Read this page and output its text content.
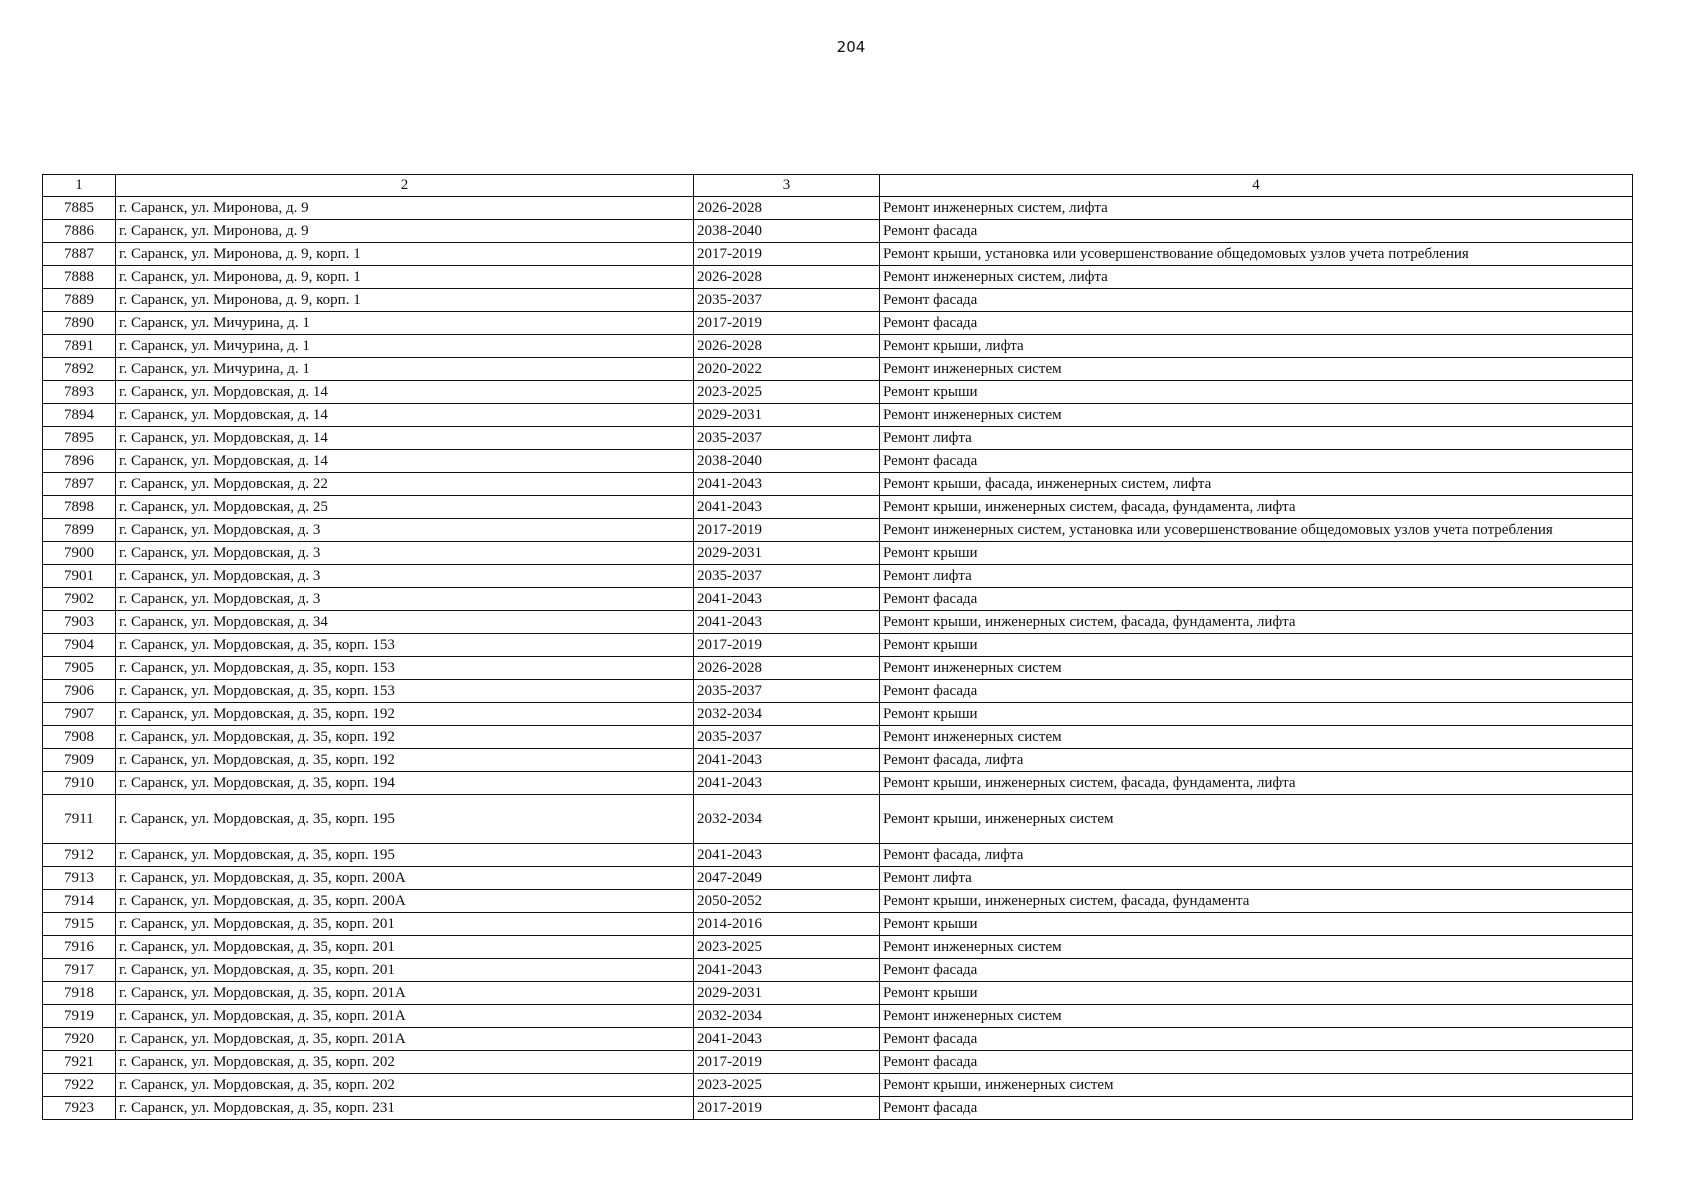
204
1	2	3	4
7885	г. Саранск, ул. Миронова, д. 9	2026-2028	Ремонт инженерных систем, лифта
7886	г. Саранск, ул. Миронова, д. 9	2038-2040	Ремонт фасада
7887	г. Саранск, ул. Миронова, д. 9, корп. 1	2017-2019	Ремонт крыши, установка или усовершенствование общедомовых узлов учета потребления
7888	г. Саранск, ул. Миронова, д. 9, корп. 1	2026-2028	Ремонт инженерных систем, лифта
7889	г. Саранск, ул. Миронова, д. 9, корп. 1	2035-2037	Ремонт фасада
7890	г. Саранск, ул. Мичурина, д. 1	2017-2019	Ремонт фасада
7891	г. Саранск, ул. Мичурина, д. 1	2026-2028	Ремонт крыши, лифта
7892	г. Саранск, ул. Мичурина, д. 1	2020-2022	Ремонт инженерных систем
7893	г. Саранск, ул. Мордовская, д. 14	2023-2025	Ремонт крыши
7894	г. Саранск, ул. Мордовская, д. 14	2029-2031	Ремонт инженерных систем
7895	г. Саранск, ул. Мордовская, д. 14	2035-2037	Ремонт лифта
7896	г. Саранск, ул. Мордовская, д. 14	2038-2040	Ремонт фасада
7897	г. Саранск, ул. Мордовская, д. 22	2041-2043	Ремонт крыши, фасада, инженерных систем, лифта
7898	г. Саранск, ул. Мордовская, д. 25	2041-2043	Ремонт крыши, инженерных систем, фасада, фундамента, лифта
7899	г. Саранск, ул. Мордовская, д. 3	2017-2019	Ремонт инженерных систем, установка или усовершенствование общедомовых узлов учета потребления
7900	г. Саранск, ул. Мордовская, д. 3	2029-2031	Ремонт крыши
7901	г. Саранск, ул. Мордовская, д. 3	2035-2037	Ремонт лифта
7902	г. Саранск, ул. Мордовская, д. 3	2041-2043	Ремонт фасада
7903	г. Саранск, ул. Мордовская, д. 34	2041-2043	Ремонт крыши, инженерных систем, фасада, фундамента, лифта
7904	г. Саранск, ул. Мордовская, д. 35, корп. 153	2017-2019	Ремонт крыши
7905	г. Саранск, ул. Мордовская, д. 35, корп. 153	2026-2028	Ремонт инженерных систем
7906	г. Саранск, ул. Мордовская, д. 35, корп. 153	2035-2037	Ремонт фасада
7907	г. Саранск, ул. Мордовская, д. 35, корп. 192	2032-2034	Ремонт крыши
7908	г. Саранск, ул. Мордовская, д. 35, корп. 192	2035-2037	Ремонт инженерных систем
7909	г. Саранск, ул. Мордовская, д. 35, корп. 192	2041-2043	Ремонт фасада, лифта
7910	г. Саранск, ул. Мордовская, д. 35, корп. 194	2041-2043	Ремонт крыши, инженерных систем, фасада, фундамента, лифта
7911	г. Саранск, ул. Мордовская, д. 35, корп. 195	2032-2034	Ремонт крыши, инженерных систем
7912	г. Саранск, ул. Мордовская, д. 35, корп. 195	2041-2043	Ремонт фасада, лифта
7913	г. Саранск, ул. Мордовская, д. 35, корп. 200А	2047-2049	Ремонт лифта
7914	г. Саранск, ул. Мордовская, д. 35, корп. 200А	2050-2052	Ремонт крыши, инженерных систем, фасада, фундамента
7915	г. Саранск, ул. Мордовская, д. 35, корп. 201	2014-2016	Ремонт крыши
7916	г. Саранск, ул. Мордовская, д. 35, корп. 201	2023-2025	Ремонт инженерных систем
7917	г. Саранск, ул. Мордовская, д. 35, корп. 201	2041-2043	Ремонт фасада
7918	г. Саранск, ул. Мордовская, д. 35, корп. 201А	2029-2031	Ремонт крыши
7919	г. Саранск, ул. Мордовская, д. 35, корп. 201А	2032-2034	Ремонт инженерных систем
7920	г. Саранск, ул. Мордовская, д. 35, корп. 201А	2041-2043	Ремонт фасада
7921	г. Саранск, ул. Мордовская, д. 35, корп. 202	2017-2019	Ремонт фасада
7922	г. Саранск, ул. Мордовская, д. 35, корп. 202	2023-2025	Ремонт крыши, инженерных систем
7923	г. Саранск, ул. Мордовская, д. 35, корп. 231	2017-2019	Ремонт фасада
